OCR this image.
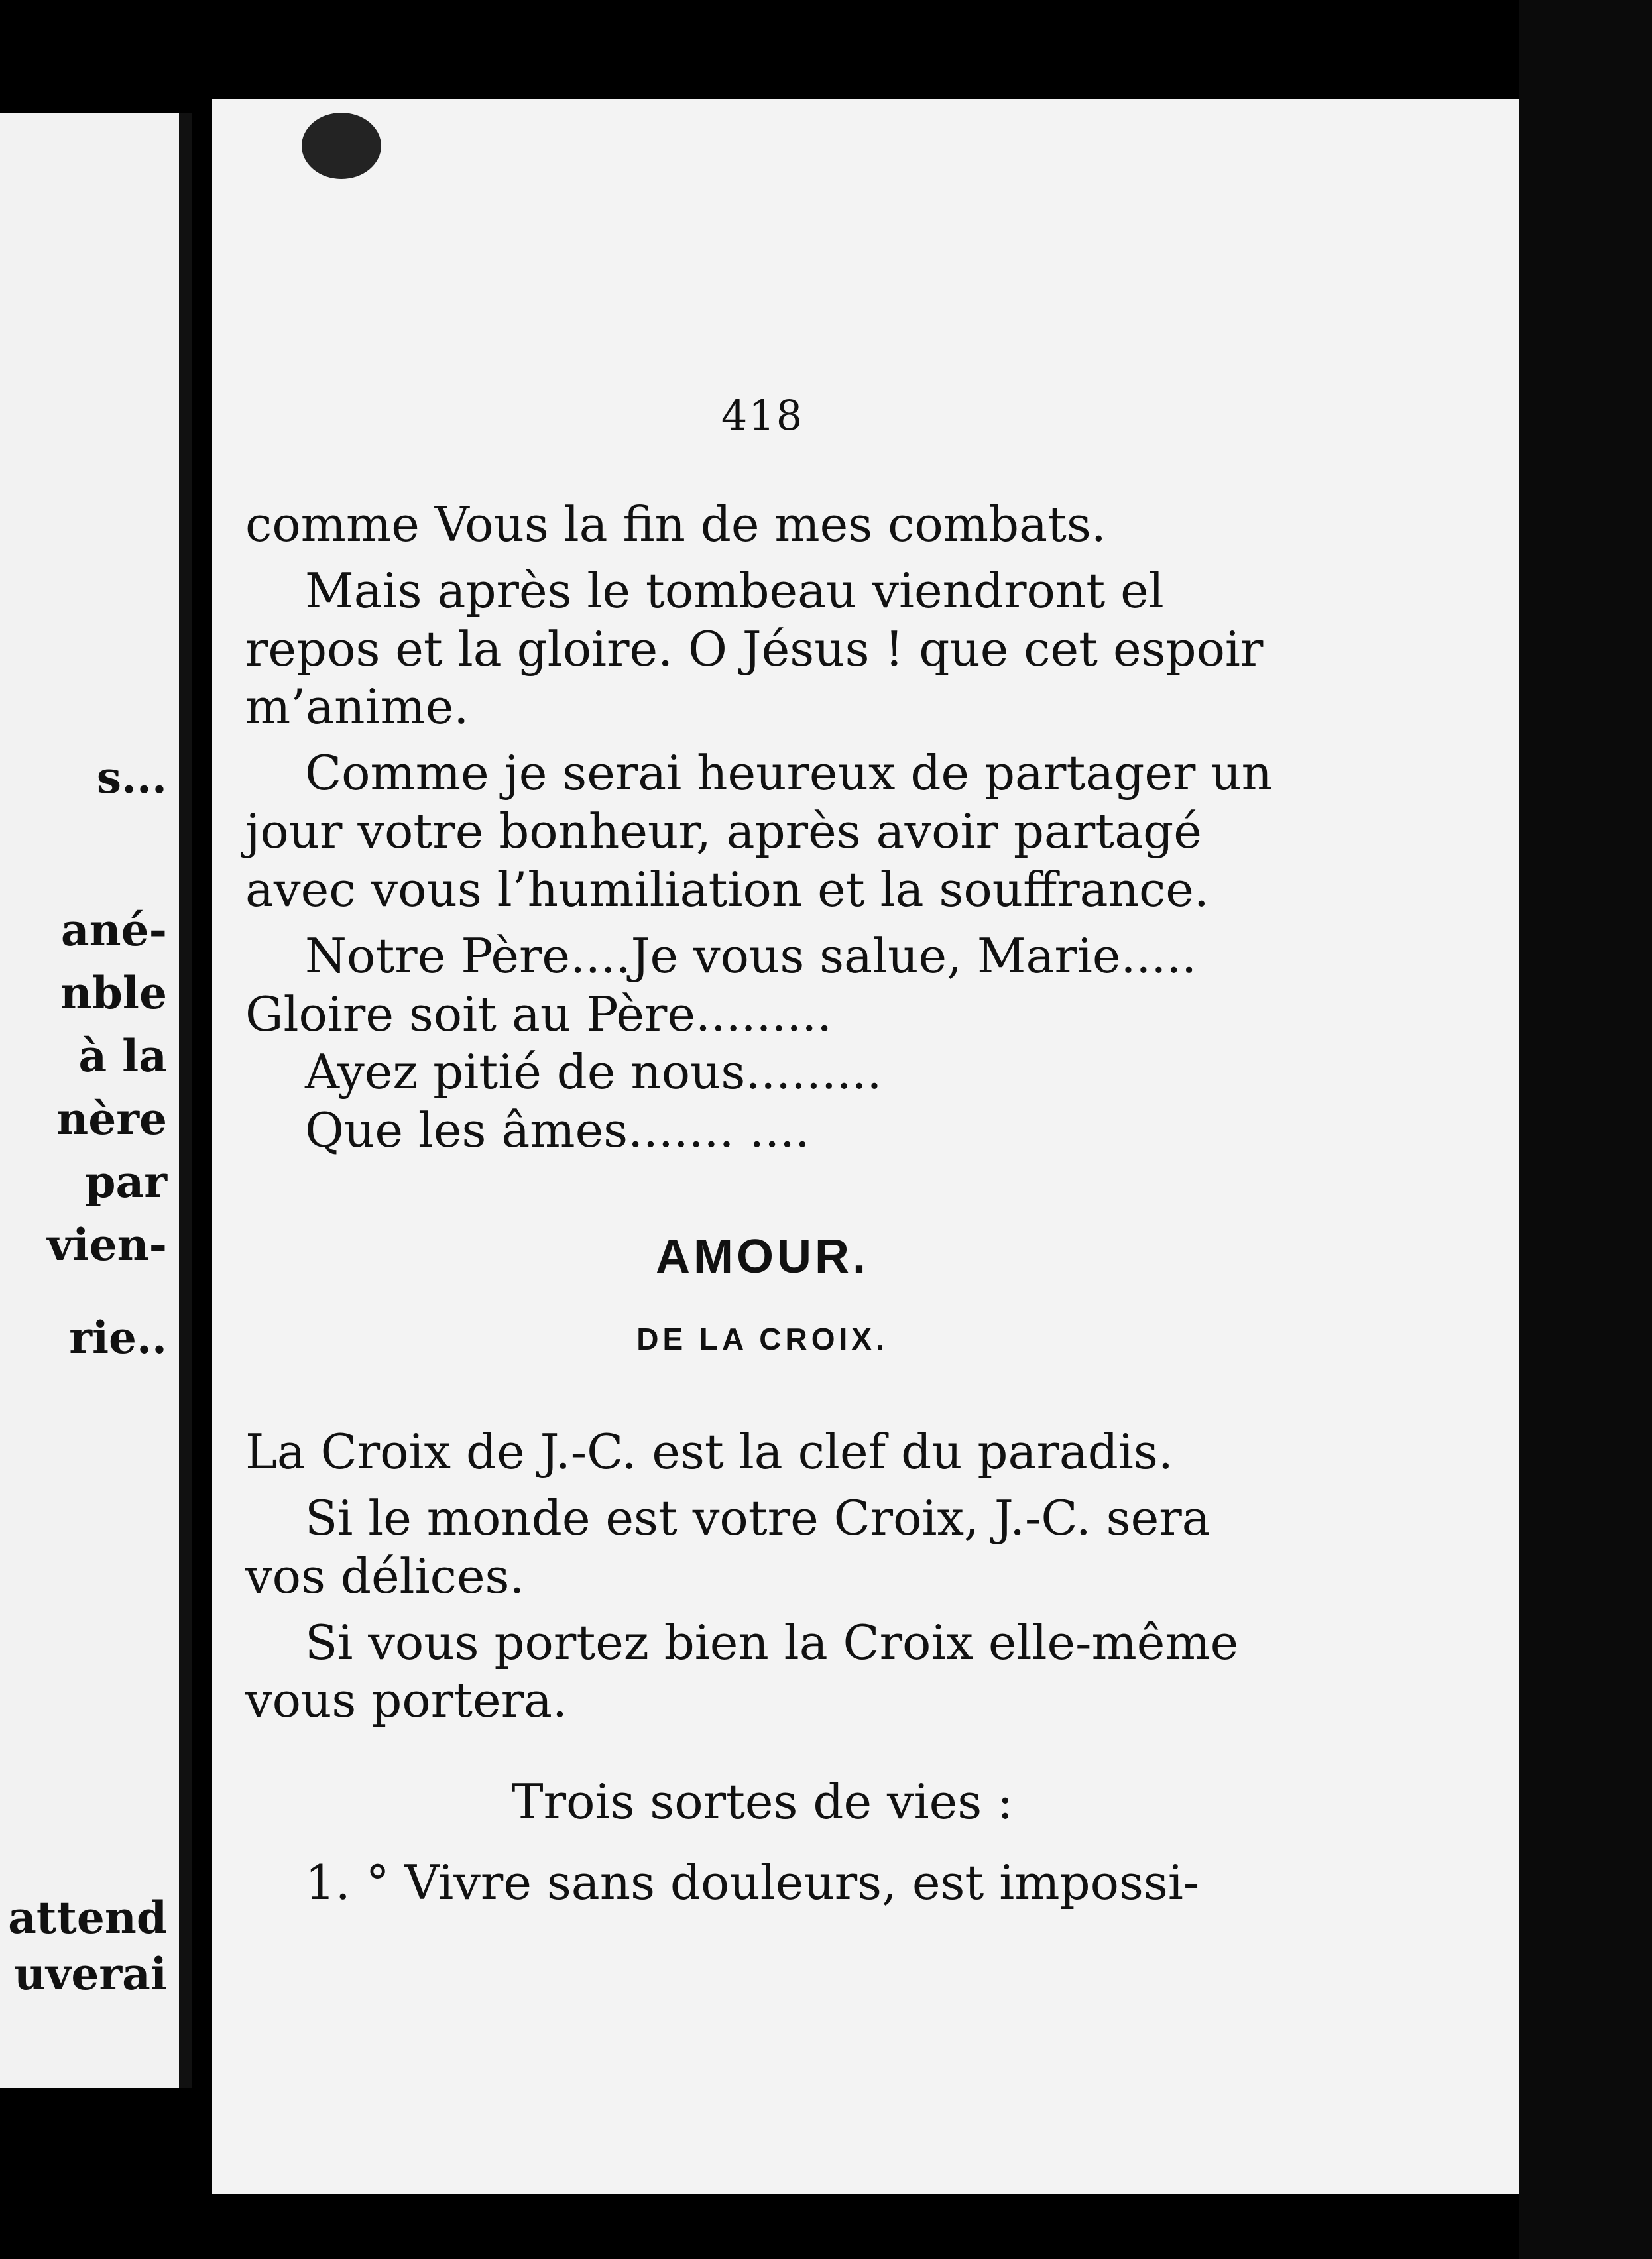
s...
ané-
nble
à la
nère
par
vien-
rie..
attend
uverai
418

comme Vous la fin de mes combats.

Mais après le tombeau viendront el repos et la gloire. O Jésus ! que cet espoir m’anime.

Comme je serai heureux de partager un jour votre bonheur, après avoir partagé avec vous l’humiliation et la souffrance.

Notre Père....Je vous salue, Marie.....

Gloire soit au Père.........

Ayez pitié de nous.........

Que les âmes....... ....

AMOUR.
DE LA CROIX.

La Croix de J.-C. est la clef du paradis.

Si le monde est votre Croix, J.-C. sera vos délices.

Si vous portez bien la Croix elle-même vous portera.

Trois sortes de vies :
1. ° Vivre sans douleurs, est impossi-
